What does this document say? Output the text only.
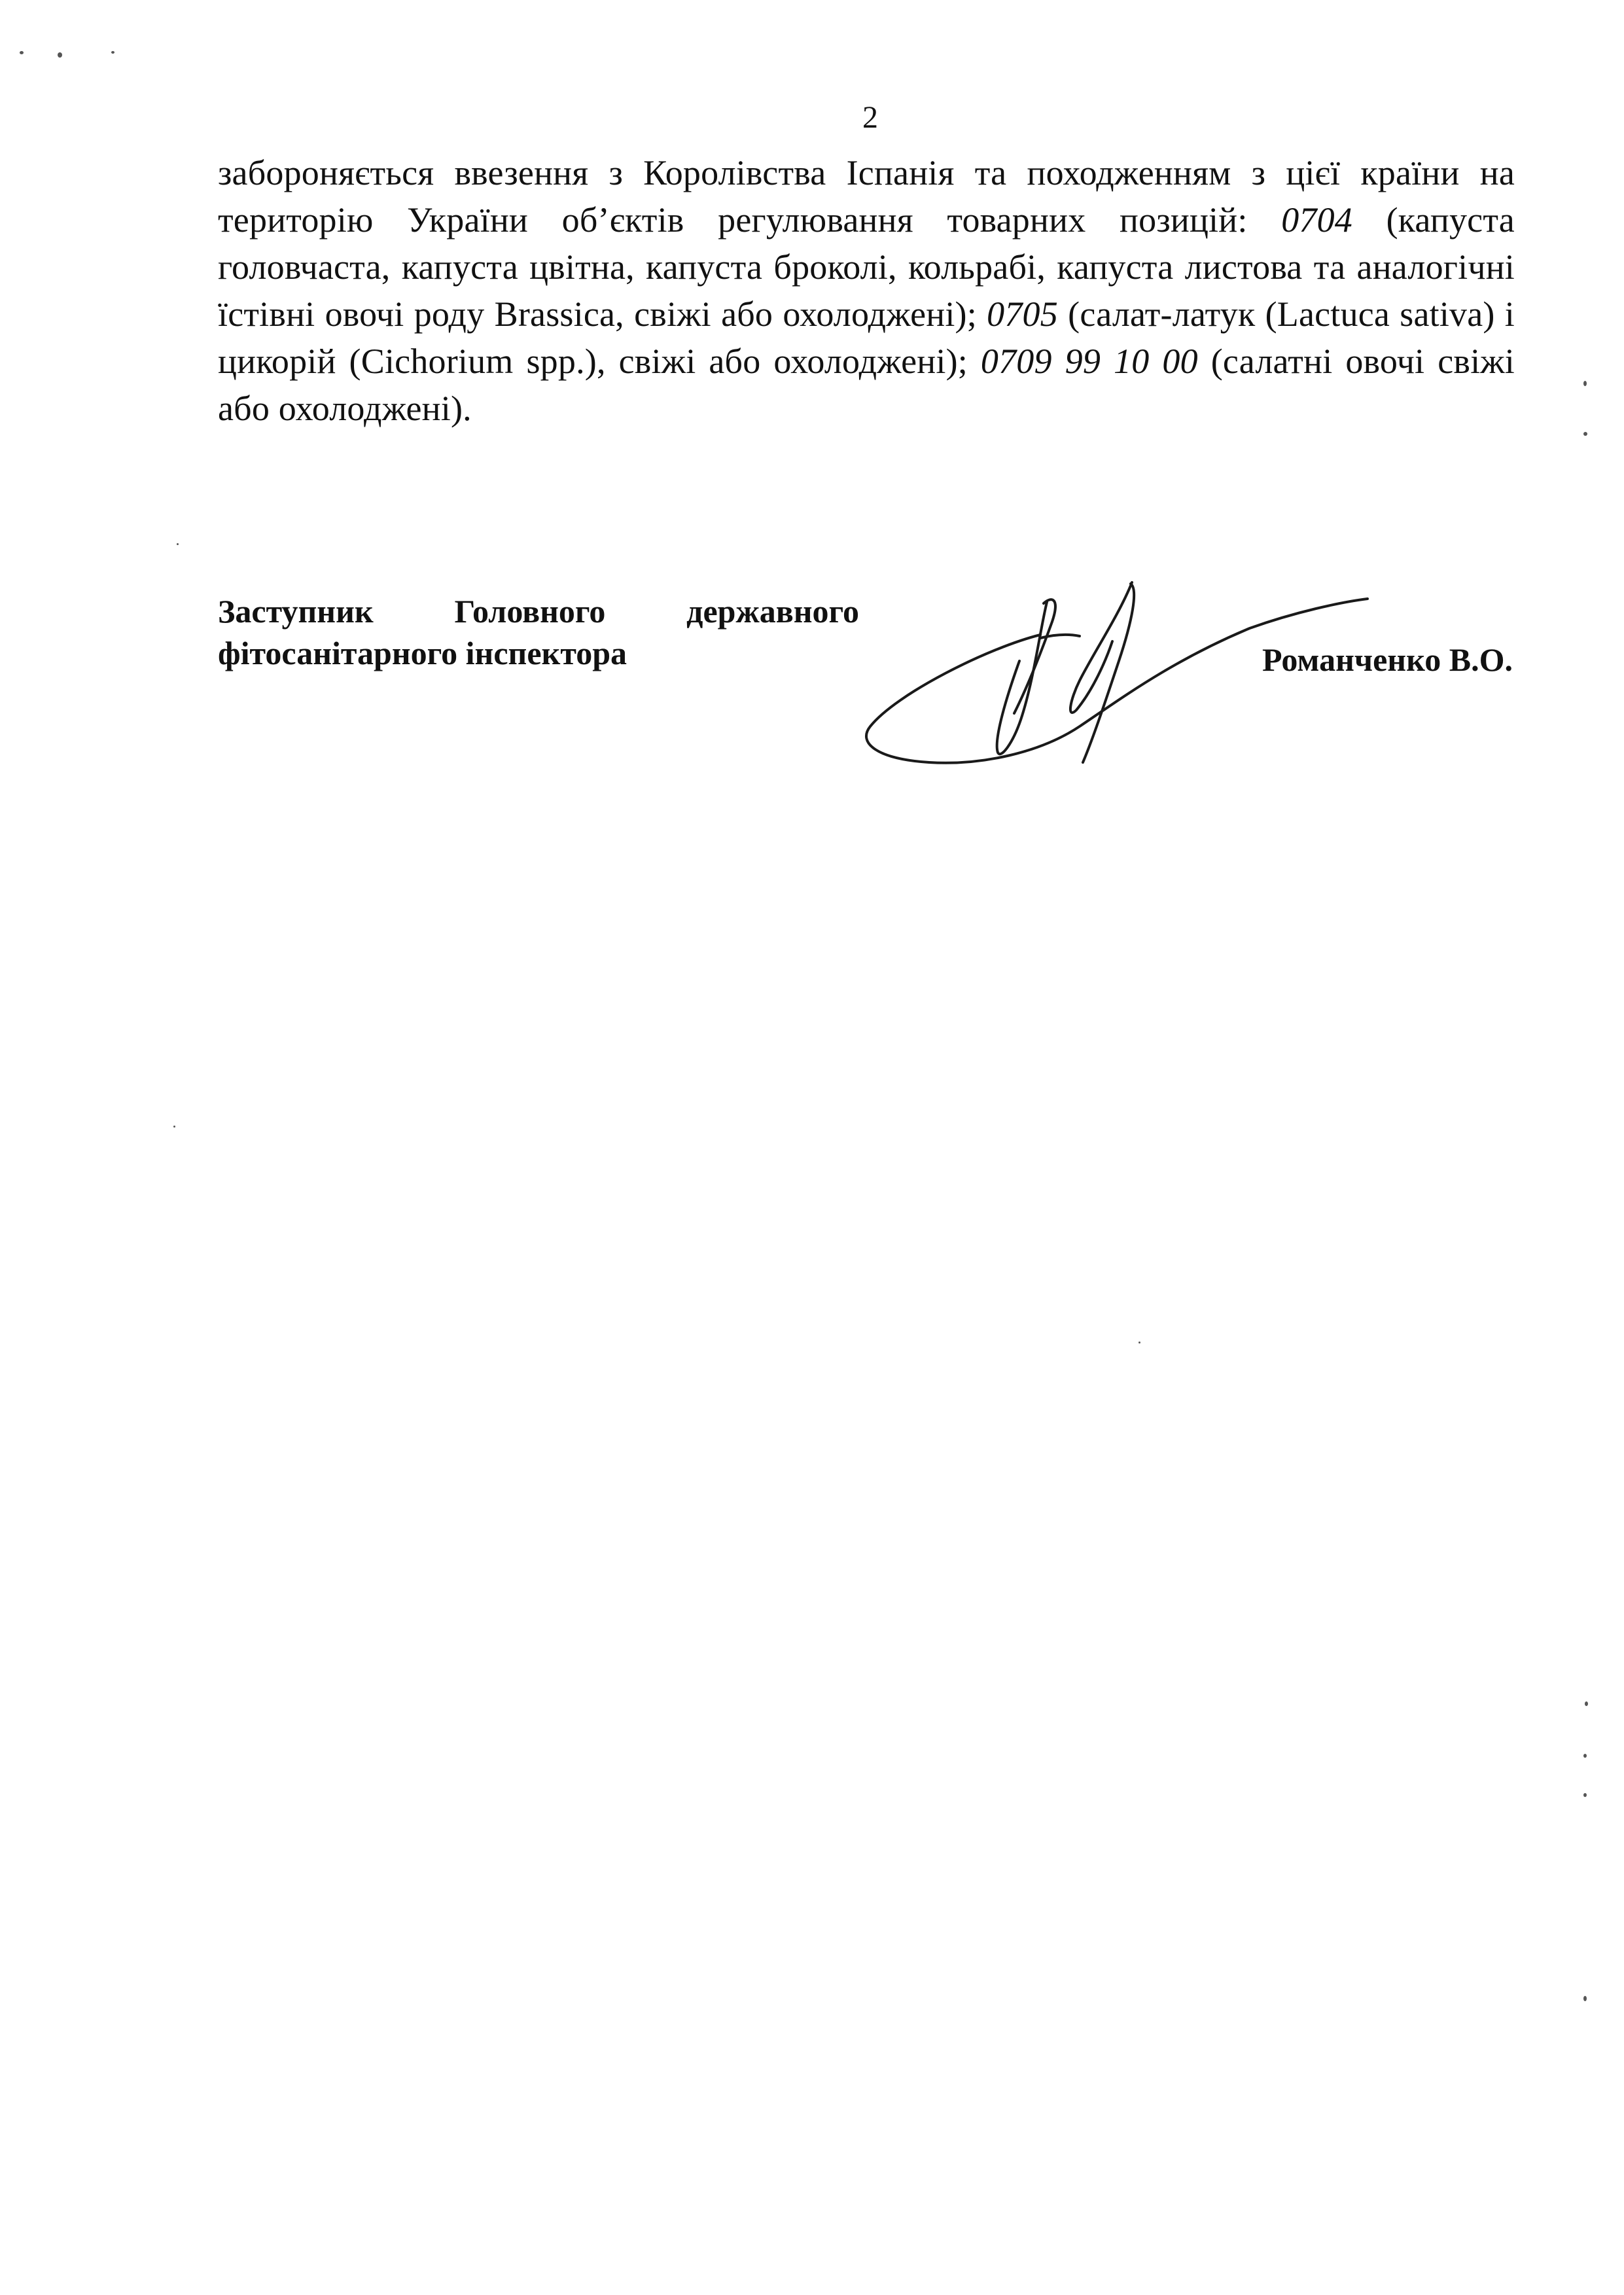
2
забороняється ввезення з Королівства Іспанія та походженням з цієї країни на територію України об’єктів регулювання товарних позицій: 0704 (капуста головчаста, капуста цвітна, капуста броколі, кольрабі, капуста листова та аналогічні їстівні овочі роду Brassica, свіжі або охолоджені); 0705 (салат-латук (Lactuca sativa) і цикорій (Cichorium spp.), свіжі або охолоджені); 0709 99 10 00 (салатні овочі свіжі або охолоджені).
Заступник Головного державного
фітосанітарного інспектора	Романченко В.О.
